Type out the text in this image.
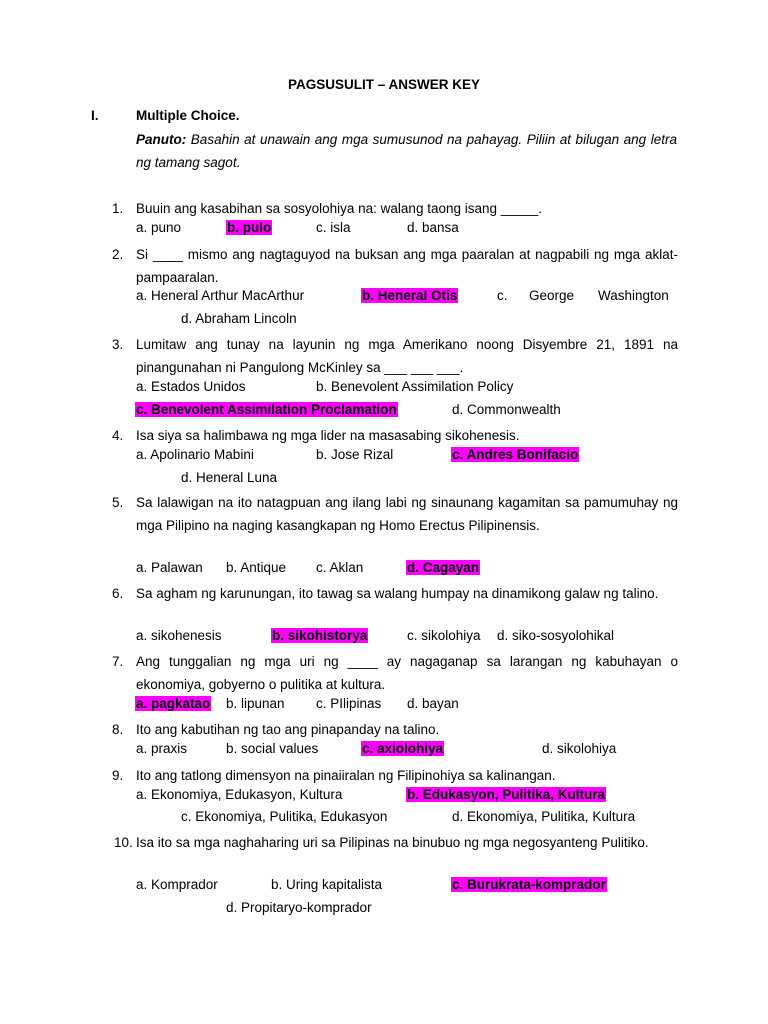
PAGSUSULIT – ANSWER KEY
I.	Multiple Choice.
Panuto: Basahin at unawain ang mga sumusunod na pahayag. Piliin at bilugan ang letra ng tamang sagot.
1. Buuin ang kasabihan sa sosyolohiya na: walang taong isang _____.
a. puno	b. pulo	c. isla	d. bansa
2. Si ____ mismo ang nagtaguyod na buksan ang mga paaralan at nagpabili ng mga aklat-pampaaralan.
a. Heneral Arthur MacArthur	b. Heneral Otis	c. George Washington
d. Abraham Lincoln
3. Lumitaw ang tunay na layunin ng mga Amerikano noong Disyembre 21, 1891 na pinangunahan ni Pangulong McKinley sa ___ ___ ___.
a. Estados Unidos	b. Benevolent Assimilation Policy
c. Benevolent Assimilation Proclamation	d. Commonwealth
4. Isa siya sa halimbawa ng mga lider na masasabing sikohenesis.
a. Apolinario Mabini	b. Jose Rizal	c. Andres Bonifacio
d. Heneral Luna
5. Sa lalawigan na ito natagpuan ang ilang labi ng sinaunang kagamitan sa pamumuhay ng mga Pilipino na naging kasangkapan ng Homo Erectus Pilipinensis.
a. Palawan b. Antique c. Aklan	d. Cagayan
6. Sa agham ng karunungan, ito tawag sa walang humpay na dinamikong galaw ng talino.
a. sikohenesis	b. sikohistorya	c. sikolohiya d. siko-sosyolohikal
7. Ang tunggalian ng mga uri ng ____ ay nagaganap sa larangan ng kabuhayan o ekonomiya, gobyerno o pulitika at kultura.
a. pagkatao b. lipunan c. PIlipinas d. bayan
8. Ito ang kabutihan ng tao ang pinapanday na talino.
a. praxis	b. social values	c. axiolohiya	d. sikolohiya
9. Ito ang tatlong dimensyon na pinaiiralan ng Filipinohiya sa kalinangan.
a. Ekonomiya, Edukasyon, Kultura	b. Edukasyon, Pulitika, Kultura
c. Ekonomiya, Pulitika, Edukasyon	d. Ekonomiya, Pulitika, Kultura
10. Isa ito sa mga naghaharing uri sa Pilipinas na binubuo ng mga negosyanteng Pulitiko.
a. Komprador	b. Uring kapitalista	c. Burukrata-komprador
d. Propitaryo-komprador
